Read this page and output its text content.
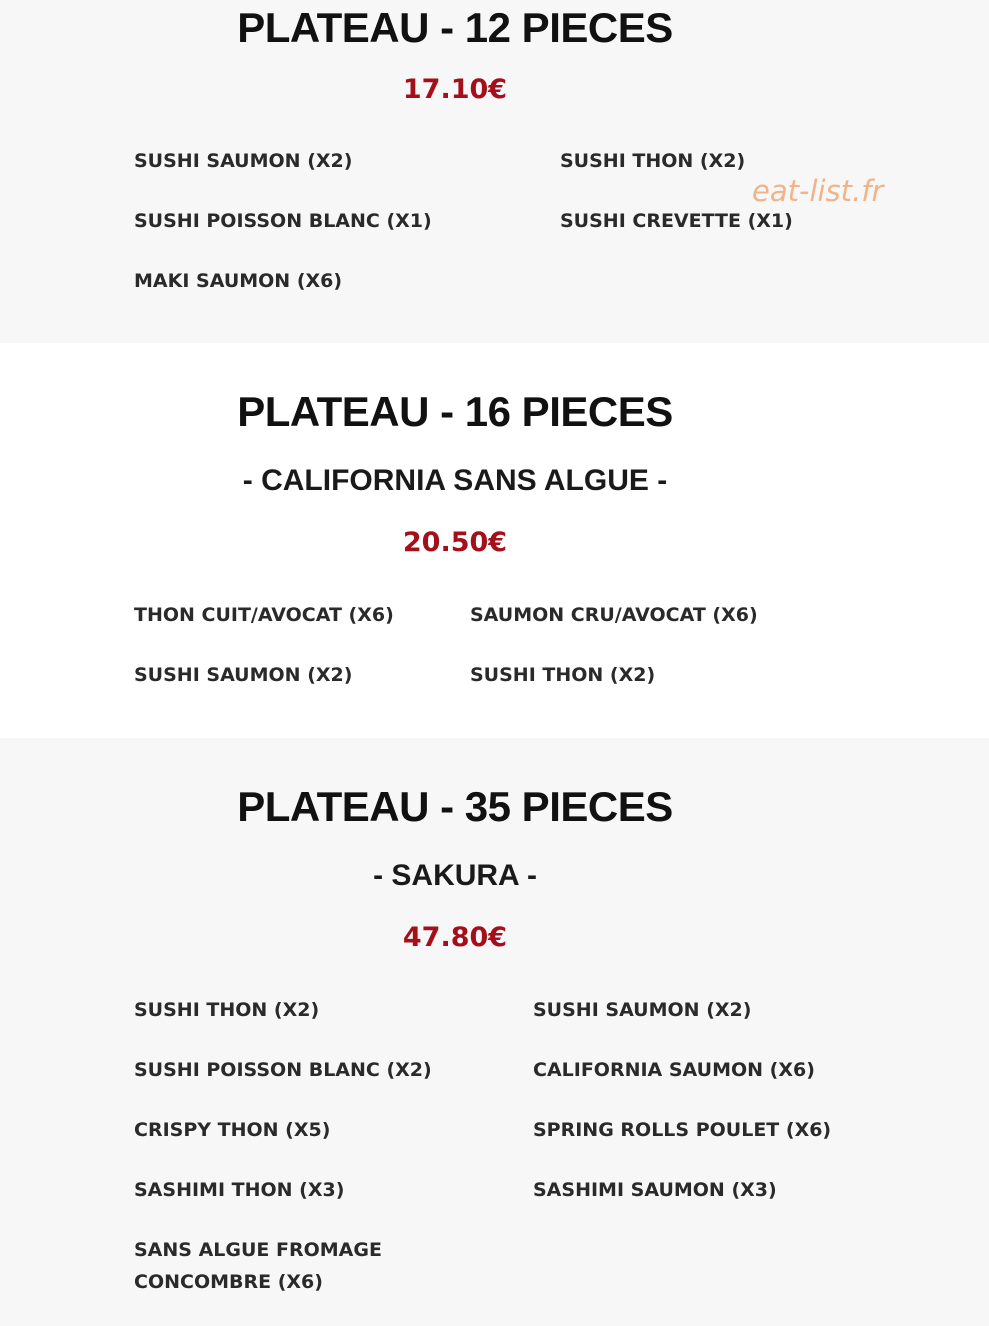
PLATEAU - 12 PIECES
17.10€
SUSHI SAUMON (X2)	SUSHI THON (X2)
SUSHI POISSON BLANC (X1)	SUSHI CREVETTE (X1)
MAKI SAUMON (X6)
eat-list.fr
PLATEAU - 16 PIECES
- CALIFORNIA SANS ALGUE -
20.50€
THON CUIT/AVOCAT (X6)	SAUMON CRU/AVOCAT (X6)
SUSHI SAUMON (X2)	SUSHI THON (X2)
PLATEAU - 35 PIECES
- SAKURA -
47.80€
SUSHI THON (X2)	SUSHI SAUMON (X2)
SUSHI POISSON BLANC (X2)	CALIFORNIA SAUMON (X6)
CRISPY THON (X5)	SPRING ROLLS POULET (X6)
SASHIMI THON (X3)	SASHIMI SAUMON (X3)
SANS ALGUE FROMAGE
CONCOMBRE (X6)
